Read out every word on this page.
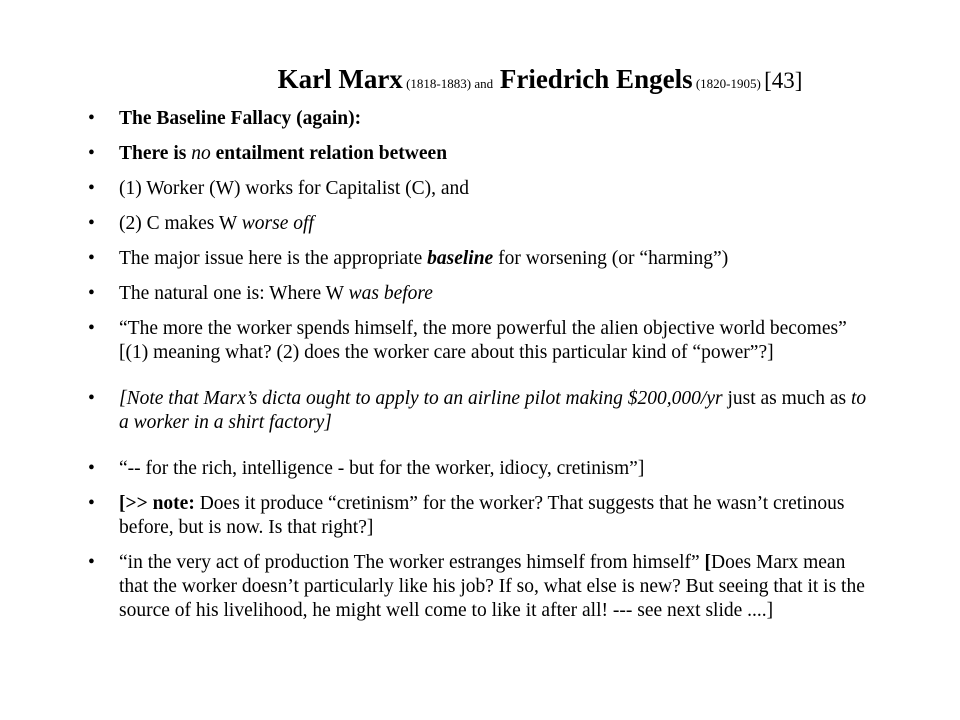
Karl Marx (1818-1883) and Friedrich Engels (1820-1905) [43]
• The Baseline Fallacy (again):
• There is no entailment relation between
• (1) Worker (W) works for Capitalist (C), and
• (2) C makes W worse off
• The major issue here is the appropriate baseline for worsening (or “harming”)
• The natural one is: Where W was before
• “The more the worker spends himself, the more powerful the alien objective world becomes” [(1) meaning what? (2) does the worker care about this particular kind of “power”?]
• [Note that Marx’s dicta ought to apply to an airline pilot making $200,000/yr just as much as to a worker in a shirt factory]
• “-- for the rich, intelligence - but for the worker, idiocy, cretinism”]
• [>> note: Does it produce “cretinism” for the worker? That suggests that he wasn’t cretinous before, but is now. Is that right?]
• “in the very act of production The worker estranges himself from himself” [Does Marx mean that the worker doesn’t particularly like his job? If so, what else is new? But seeing that it is the source of his livelihood, he might well come to like it after all! --- see next slide ....]
